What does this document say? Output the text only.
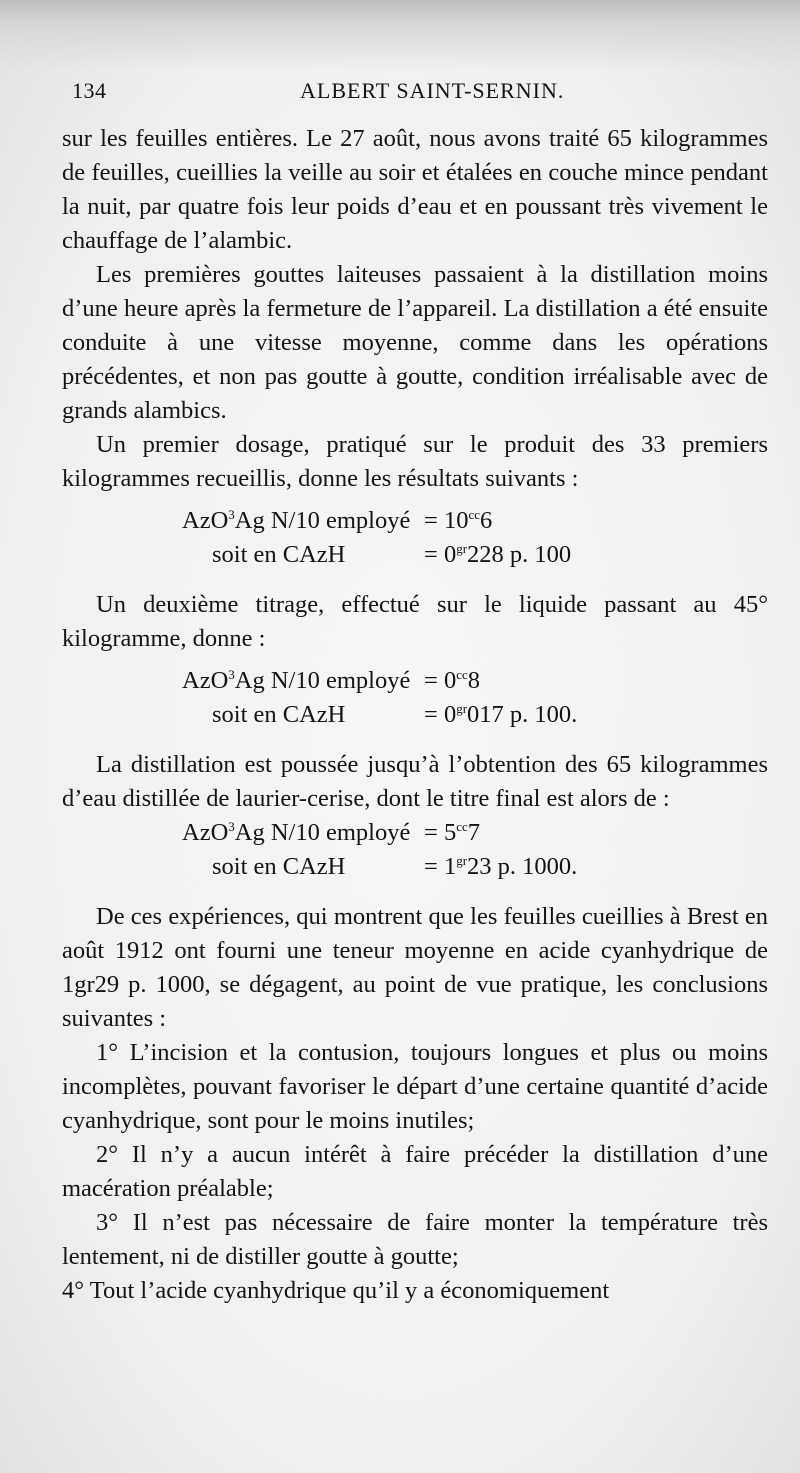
134	ALBERT SAINT-SERNIN.

sur les feuilles entières. Le 27 août, nous avons traité 65 kilogrammes de feuilles, cueillies la veille au soir et étalées en couche mince pendant la nuit, par quatre fois leur poids d’eau et en poussant très vivement le chauffage de l’alambic.

Les premières gouttes laiteuses passaient à la distillation moins d’une heure après la fermeture de l’appareil. La distillation a été ensuite conduite à une vitesse moyenne, comme dans les opérations précédentes, et non pas goutte à goutte, condition irréalisable avec de grands alambics.

Un premier dosage, pratiqué sur le produit des 33 premiers kilogrammes recueillis, donne les résultats suivants :

AzO$^3$Ag N/10 employé = $10^{cc}6$
soit en CAzH	= $0^{gr}228$ p. 100

Un deuxième titrage, effectué sur le liquide passant au 45° kilogramme, donne :

AzO$^3$Ag N/10 employé = $0^{cc}8$
soit en CAzH	= $0^{gr}017$ p. 100.

La distillation est poussée jusqu’à l’obtention des 65 kilogrammes d’eau distillée de laurier-cerise, dont le titre final est alors de :

AzO$^3$Ag N/10 employé = $5^{cc}7$
soit en CAzH	= $1^{gr}23$ p. 1000.

De ces expériences, qui montrent que les feuilles cueillies à Brest en août 1912 ont fourni une teneur moyenne en acide cyanhydrique de 1gr29 p. 1000, se dégagent, au point de vue pratique, les conclusions suivantes :

1° L’incision et la contusion, toujours longues et plus ou moins incomplètes, pouvant favoriser le départ d’une certaine quantité d’acide cyanhydrique, sont pour le moins inutiles;

2° Il n’y a aucun intérêt à faire précéder la distillation d’une macération préalable;

3° Il n’est pas nécessaire de faire monter la température très lentement, ni de distiller goutte à goutte;

4° Tout l’acide cyanhydrique qu’il y a économiquement
